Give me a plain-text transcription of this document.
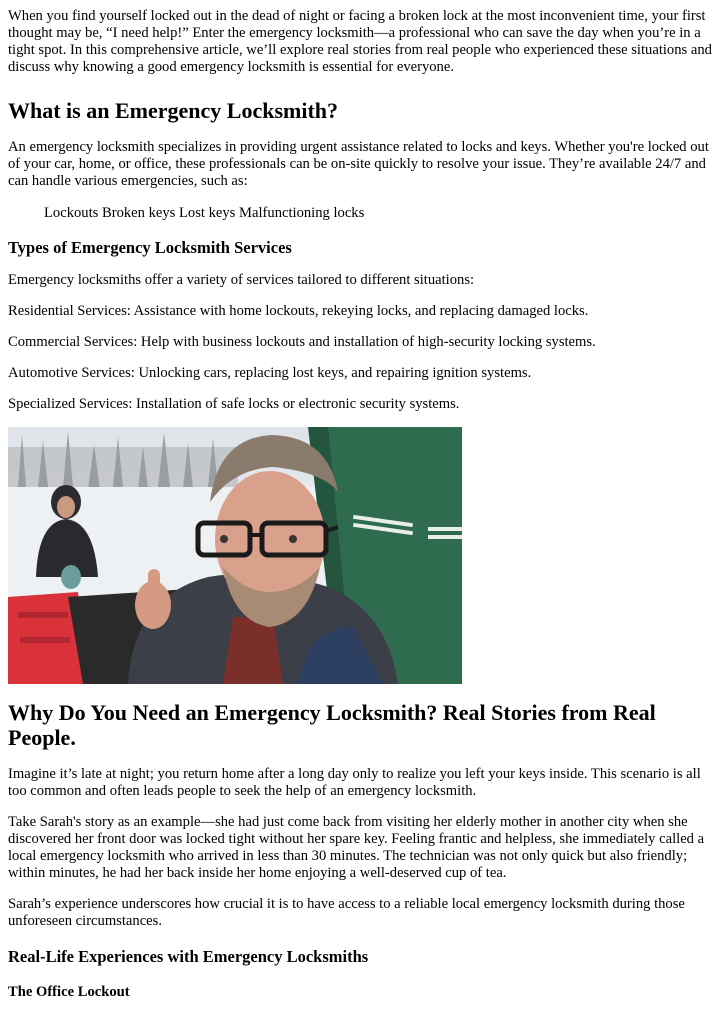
When you find yourself locked out in the dead of night or facing a broken lock at the most inconvenient time, your first thought may be, “I need help!” Enter the emergency locksmith—a professional who can save the day when you’re in a tight spot. In this comprehensive article, we’ll explore real stories from real people who experienced these situations and discuss why knowing a good emergency locksmith is essential for everyone.

What is an Emergency Locksmith?

An emergency locksmith specializes in providing urgent assistance related to locks and keys. Whether you're locked out of your car, home, or office, these professionals can be on-site quickly to resolve your issue. They’re available 24/7 and can handle various emergencies, such as:

Lockouts Broken keys Lost keys Malfunctioning locks

Types of Emergency Locksmith Services

Emergency locksmiths offer a variety of services tailored to different situations:

Residential Services: Assistance with home lockouts, rekeying locks, and replacing damaged locks.

Commercial Services: Help with business lockouts and installation of high-security locking systems.

Automotive Services: Unlocking cars, replacing lost keys, and repairing ignition systems.

Specialized Services: Installation of safe locks or electronic security systems.

Why Do You Need an Emergency Locksmith? Real Stories from Real People.

Imagine it’s late at night; you return home after a long day only to realize you left your keys inside. This scenario is all too common and often leads people to seek the help of an emergency locksmith.

Take Sarah's story as an example—she had just come back from visiting her elderly mother in another city when she discovered her front door was locked tight without her spare key. Feeling frantic and helpless, she immediately called a local emergency locksmith who arrived in less than 30 minutes. The technician was not only quick but also friendly; within minutes, he had her back inside her home enjoying a well-deserved cup of tea.

Sarah’s experience underscores how crucial it is to have access to a reliable local emergency locksmith during those unforeseen circumstances.

Real-Life Experiences with Emergency Locksmiths
The Office Lockout
